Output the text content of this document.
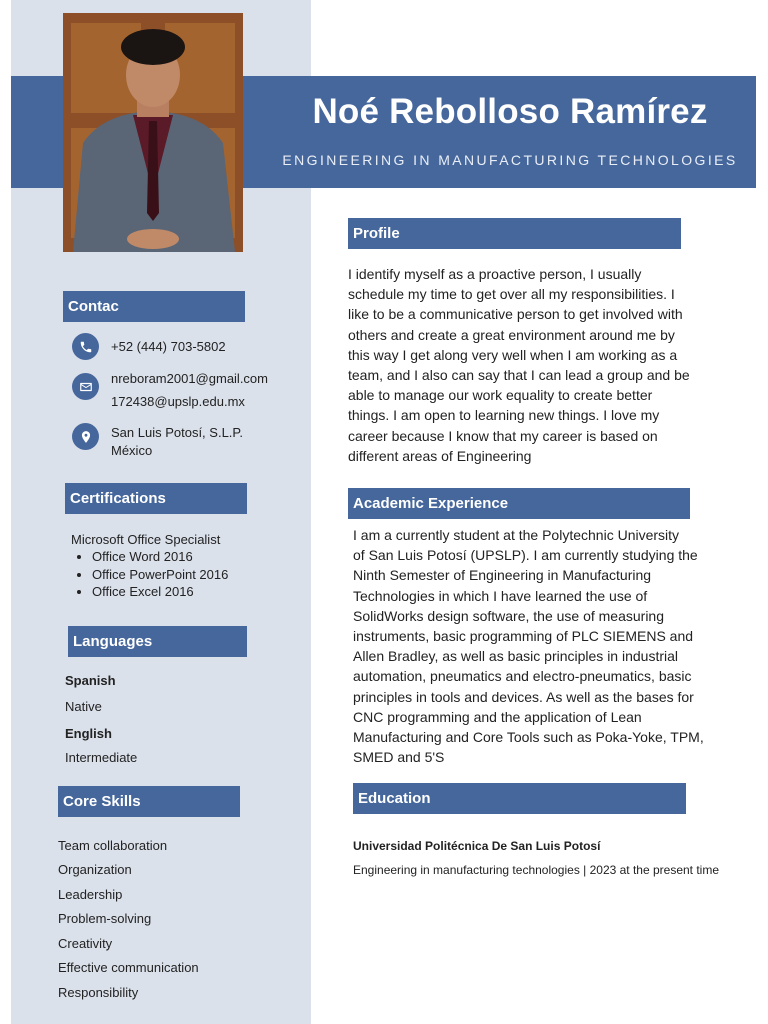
Noé Rebolloso Ramírez
ENGINEERING IN MANUFACTURING TECHNOLOGIES
Contac
+52 (444) 703-5802
nreboram2001@gmail.com
172438@upslp.edu.mx
San Luis Potosí, S.L.P.
México
Certifications
Microsoft Office Specialist
• Office Word 2016
• Office PowerPoint 2016
• Office Excel 2016
Languages
Spanish
Native
English
Intermediate
Core Skills
Team collaboration
Organization
Leadership
Problem-solving
Creativity
Effective communication
Responsibility
Profile
I identify myself as a proactive person, I usually
schedule my time to get over all my responsibilities. I
like to be a communicative person to get involved with
others and create a great environment around me by
this way I get along very well when I am working as a
team, and I also can say that I can lead a group and be
able to manage our work equality to create better
things. I am open to learning new things. I love my
career because I know that my career is based on
different areas of Engineering
Academic Experience
I am a currently student at the Polytechnic University
of San Luis Potosí (UPSLP). I am currently studying the
Ninth Semester of Engineering in Manufacturing
Technologies in which I have learned the use of
SolidWorks design software, the use of measuring
instruments, basic programming of PLC SIEMENS and
Allen Bradley, as well as basic principles in industrial
automation, pneumatics and electro-pneumatics, basic
principles in tools and devices. As well as the bases for
CNC programming and the application of Lean
Manufacturing and Core Tools such as Poka-Yoke, TPM,
SMED and 5'S
Education
Universidad Politécnica De San Luis Potosí
Engineering in manufacturing technologies | 2023 at the present time
